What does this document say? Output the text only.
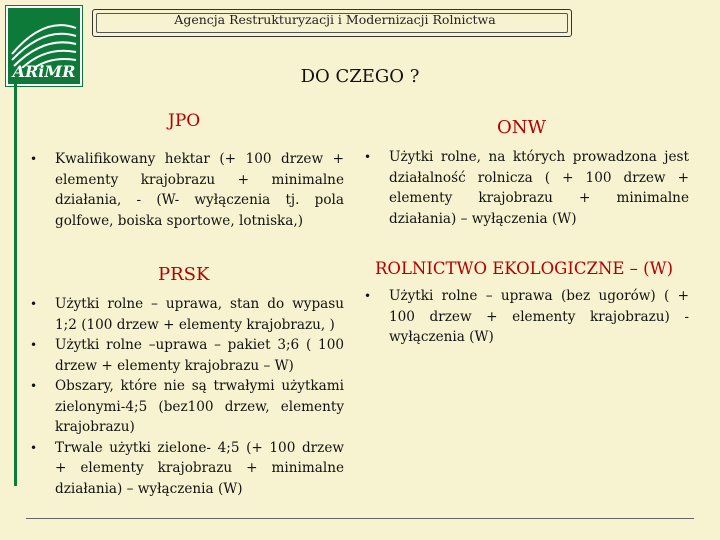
ARiMR
Agencja Restrukturyzacji i Modernizacji Rolnictwa
DO CZEGO ?
JPO
• Kwalifikowany hektar (+ 100 drzew + elementy krajobrazu + minimalne działania, - (W- wyłączenia tj. pola golfowe, boiska sportowe, lotniska,)
ONW
• Użytki rolne, na których prowadzona jest działalność rolnicza ( + 100 drzew + elementy krajobrazu + minimalne działania) – wyłączenia (W)
PRSK
• Użytki rolne – uprawa, stan do wypasu 1;2 (100 drzew + elementy krajobrazu, )
• Użytki rolne –uprawa – pakiet 3;6 ( 100 drzew + elementy krajobrazu – W)
• Obszary, które nie są trwałymi użytkami zielonymi-4;5 (bez100 drzew, elementy krajobrazu)
• Trwale użytki zielone- 4;5 (+ 100 drzew + elementy krajobrazu + minimalne działania) – wyłączenia (W)
ROLNICTWO EKOLOGICZNE – (W)
• Użytki rolne – uprawa (bez ugorów) ( + 100 drzew + elementy krajobrazu) - wyłączenia (W)
